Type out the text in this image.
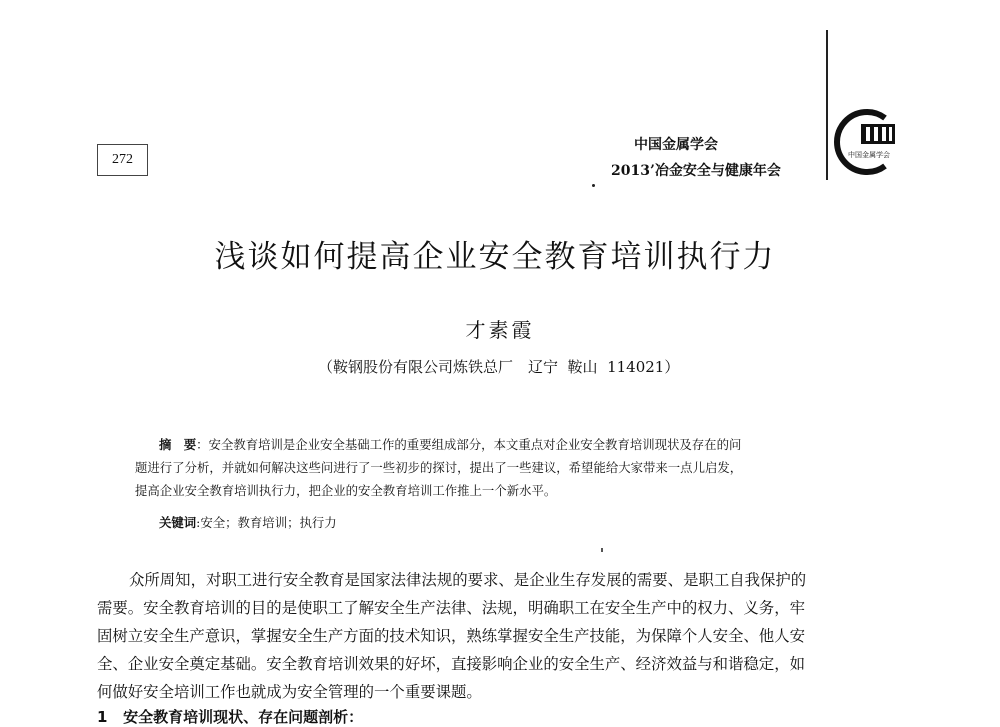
272
中国金属学会
2013’冶金安全与健康年会
中国金属学会
浅谈如何提高企业安全教育培训执行力
才素霞
（鞍钢股份有限公司炼铁总厂　辽宁  鞍山  114021）
摘　要：安全教育培训是企业安全基础工作的重要组成部分，本文重点对企业安全教育培训现状及存在的问
题进行了分析，并就如何解决这些问进行了一些初步的探讨，提出了一些建议，希望能给大家带来一点儿启发，
提高企业安全教育培训执行力，把企业的安全教育培训工作推上一个新水平。
关键词:安全；教育培训；执行力
众所周知，对职工进行安全教育是国家法律法规的要求、是企业生存发展的需要、是职工自我保护的
需要。安全教育培训的目的是使职工了解安全生产法律、法规，明确职工在安全生产中的权力、义务，牢
固树立安全生产意识，掌握安全生产方面的技术知识，熟练掌握安全生产技能，为保障个人安全、他人安
全、企业安全奠定基础。安全教育培训效果的好坏，直接影响企业的安全生产、经济效益与和谐稳定，如
何做好安全培训工作也就成为安全管理的一个重要课题。
1   安全教育培训现状、存在问题剖析：
